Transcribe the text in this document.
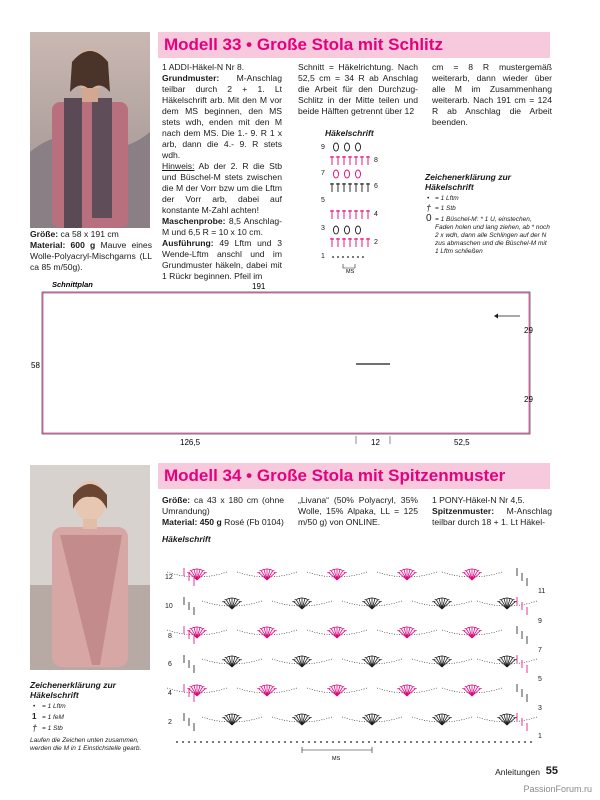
Modell 33 • Große Stola mit Schlitz

Größe: ca 58 x 191 cm

Material: 600 g Mauve eines Wolle-Polyacryl-Mischgarns (LL ca 85 m/50g).

1 ADDI-Häkel-N Nr 8.

Grundmuster: M-Anschlag teilbar durch 2 + 1. Lt Häkelschrift arb. Mit den M vor dem MS beginnen, den MS stets wdh, enden mit den M nach dem MS. Die 1.- 9. R 1 x arb, dann die 4.- 9. R stets wdh.

Hinweis: Ab der 2. R die Stb und Büschel-M stets zwischen die M der Vorr bzw um die Lftm der Vorr arb, dabei auf konstante M-Zahl achten!

Maschenprobe: 8,5 Anschlag-M und 6,5 R = 10 x 10 cm.

Ausführung: 49 Lftm und 3 Wende-Lftm anschl und im Grundmuster häkeln, dabei mit 1 Rückr beginnen. Pfeil im

Schnitt = Häkelrichtung. Nach 52,5 cm = 34 R ab Anschlag die Arbeit für den Durchzug-Schlitz in der Mitte teilen und beide Hälften getrennt über 12

cm = 8 R mustergemäß weiterarb, dann wieder über alle M im Zusammenhang weiterarb. Nach 191 cm = 124 R ab Anschlag die Arbeit beenden.

Häkelschrift
9
8
7
6
5
4
3
2
1
MS
Zeichenerklärung zur Häkelschrift
• = 1 Lftm
† = 1 Stb
0 = 1 Büschel-M: * 1 U, einstechen, Faden holen und lang ziehen, ab * noch 2 x wdh, dann alle Schlingen auf der N zus abmaschen und die Büschel-M mit 1 Lftm schließen
Schnittplan	191
58
29
29
126,5	12	52,5
Modell 34 • Große Stola mit Spitzenmuster

Größe: ca 43 x 180 cm (ohne Umrandung)

Material: 450 g Rosé (Fb 0104)

„Livana“ (50% Polyacryl, 35% Wolle, 15% Alpaka, LL = 125 m/50 g) von ONLINE.

1 PONY-Häkel-N Nr 4,5.

Spitzenmuster: M-Anschlag teilbar durch 18 + 1. Lt Häkel-

Häkelschrift
12
10
8
6
4
2
11
9
7
5
3
1
MS
Zeichenerklärung zur Häkelschrift
• = 1 Lftm
1 = 1 feM
† = 1 Stb
Laufen die Zeichen unten zusammen, werden die M in 1 Einstichstelle gearb.
Anleitungen 55
PassionForum.ru
